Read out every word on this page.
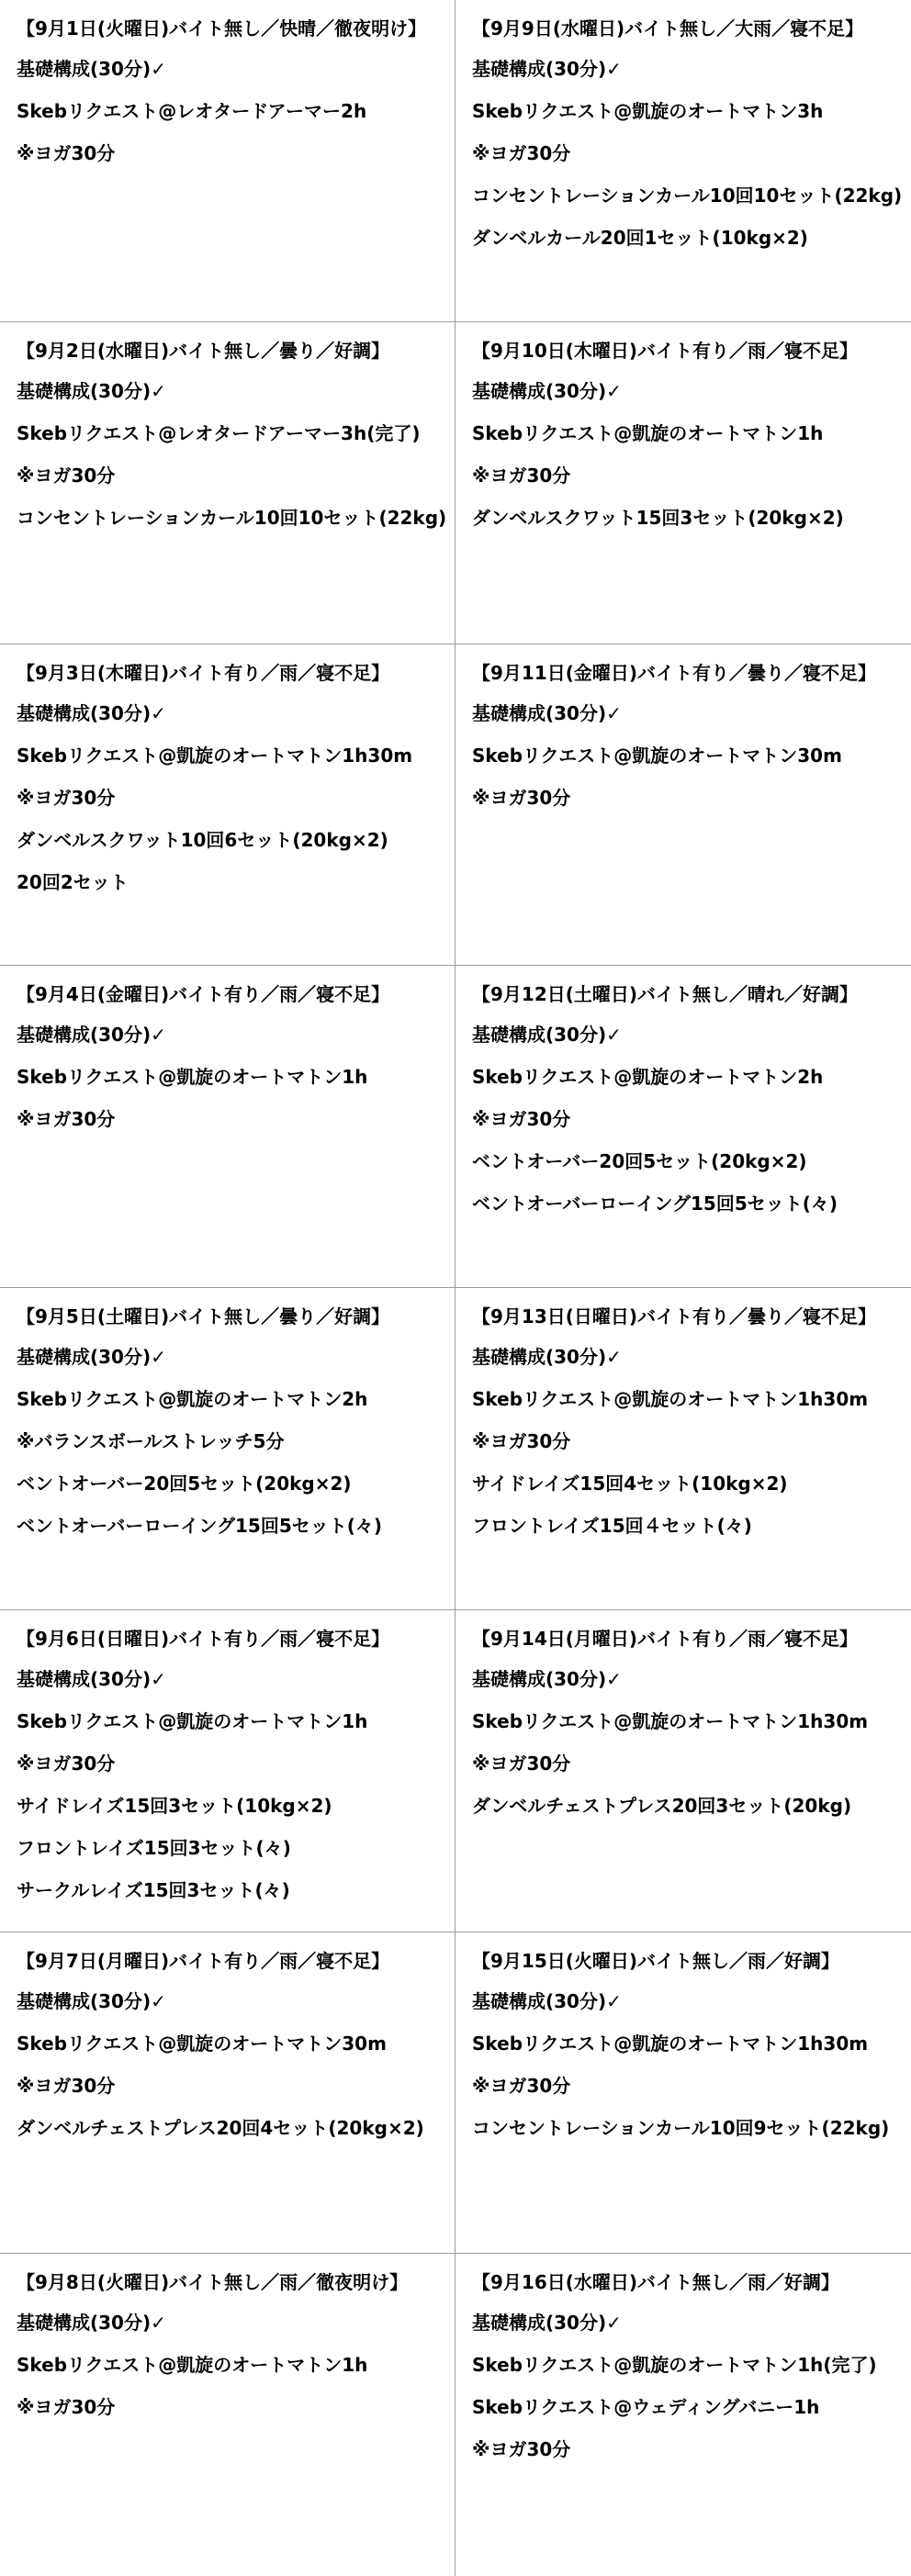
【9月1日(火曜日)バイト無し／快晴／徹夜明け】
基礎構成(30分)✓
Skebリクエスト@レオタードアーマー2h
※ヨガ30分
【9月9日(水曜日)バイト無し／大雨／寝不足】
基礎構成(30分)✓
Skebリクエスト@凱旋のオートマトン3h
※ヨガ30分
コンセントレーションカール10回10セット(22kg)
ダンベルカール20回1セット(10kg×2)
【9月2日(水曜日)バイト無し／曇り／好調】
基礎構成(30分)✓
Skebリクエスト@レオタードアーマー3h(完了)
※ヨガ30分
コンセントレーションカール10回10セット(22kg)
【9月10日(木曜日)バイト有り／雨／寝不足】
基礎構成(30分)✓
Skebリクエスト@凱旋のオートマトン1h
※ヨガ30分
ダンベルスクワット15回3セット(20kg×2)
【9月3日(木曜日)バイト有り／雨／寝不足】
基礎構成(30分)✓
Skebリクエスト@凱旋のオートマトン1h30m
※ヨガ30分
ダンベルスクワット10回6セット(20kg×2)
20回2セット
【9月11日(金曜日)バイト有り／曇り／寝不足】
基礎構成(30分)✓
Skebリクエスト@凱旋のオートマトン30m
※ヨガ30分
【9月4日(金曜日)バイト有り／雨／寝不足】
基礎構成(30分)✓
Skebリクエスト@凱旋のオートマトン1h
※ヨガ30分
【9月12日(土曜日)バイト無し／晴れ／好調】
基礎構成(30分)✓
Skebリクエスト@凱旋のオートマトン2h
※ヨガ30分
ベントオーバー20回5セット(20kg×2)
ベントオーバーローイング15回5セット(々)
【9月5日(土曜日)バイト無し／曇り／好調】
基礎構成(30分)✓
Skebリクエスト@凱旋のオートマトン2h
※バランスボールストレッチ5分
ベントオーバー20回5セット(20kg×2)
ベントオーバーローイング15回5セット(々)
【9月13日(日曜日)バイト有り／曇り／寝不足】
基礎構成(30分)✓
Skebリクエスト@凱旋のオートマトン1h30m
※ヨガ30分
サイドレイズ15回4セット(10kg×2)
フロントレイズ15回４セット(々)
【9月6日(日曜日)バイト有り／雨／寝不足】
基礎構成(30分)✓
Skebリクエスト@凱旋のオートマトン1h
※ヨガ30分
サイドレイズ15回3セット(10kg×2)
フロントレイズ15回3セット(々)
サークルレイズ15回3セット(々)
【9月14日(月曜日)バイト有り／雨／寝不足】
基礎構成(30分)✓
Skebリクエスト@凱旋のオートマトン1h30m
※ヨガ30分
ダンベルチェストプレス20回3セット(20kg)
【9月7日(月曜日)バイト有り／雨／寝不足】
基礎構成(30分)✓
Skebリクエスト@凱旋のオートマトン30m
※ヨガ30分
ダンベルチェストプレス20回4セット(20kg×2)
【9月15日(火曜日)バイト無し／雨／好調】
基礎構成(30分)✓
Skebリクエスト@凱旋のオートマトン1h30m
※ヨガ30分
コンセントレーションカール10回9セット(22kg)
【9月8日(火曜日)バイト無し／雨／徹夜明け】
基礎構成(30分)✓
Skebリクエスト@凱旋のオートマトン1h
※ヨガ30分
【9月16日(水曜日)バイト無し／雨／好調】
基礎構成(30分)✓
Skebリクエスト@凱旋のオートマトン1h(完了)
Skebリクエスト@ウェディングバニー1h
※ヨガ30分
